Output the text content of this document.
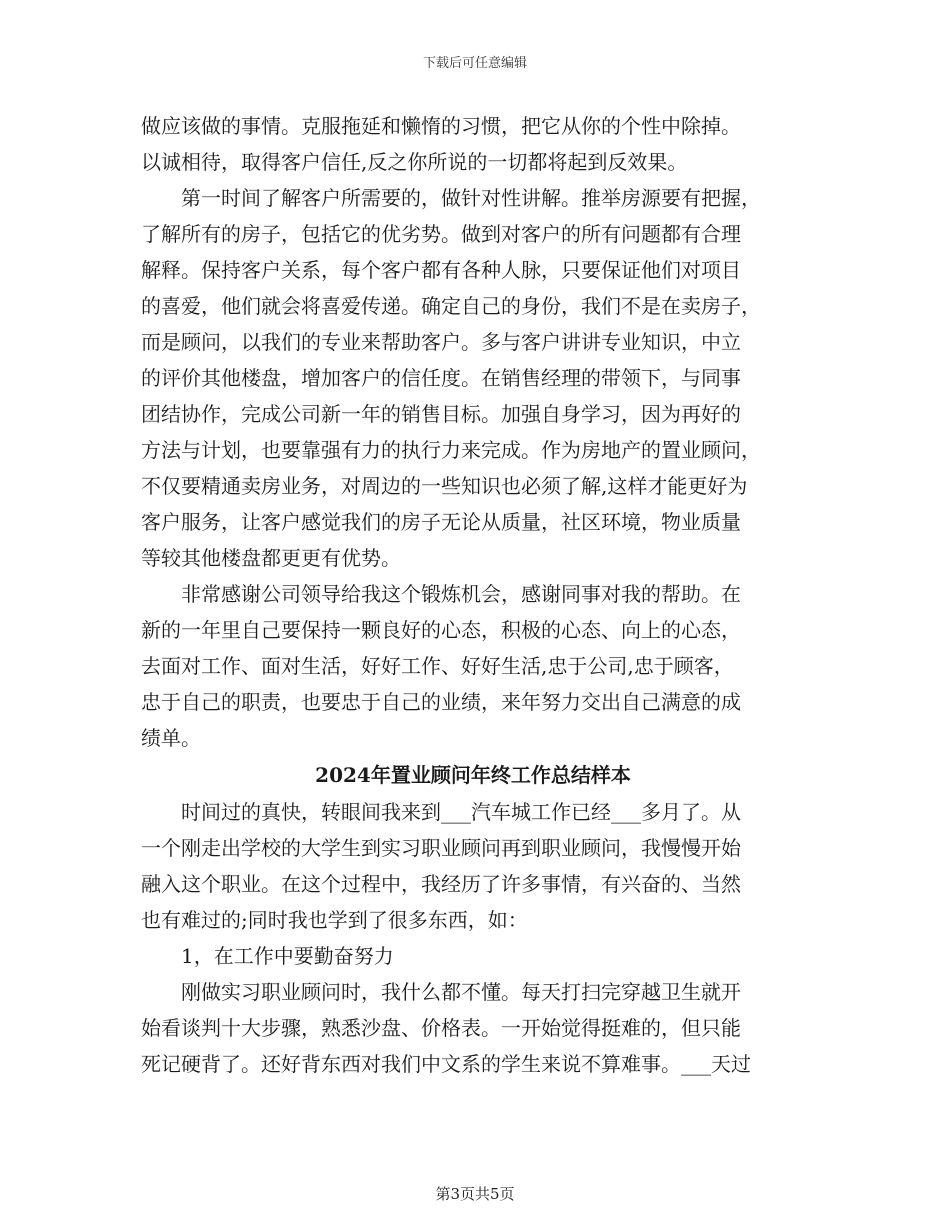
下载后可任意编辑
做应该做的事情。克服拖延和懒惰的习惯，把它从你的个性中除掉。
以诚相待，取得客户信任,反之你所说的一切都将起到反效果。
　　第一时间了解客户所需要的，做针对性讲解。推举房源要有把握，
了解所有的房子，包括它的优劣势。做到对客户的所有问题都有合理
解释。保持客户关系，每个客户都有各种人脉，只要保证他们对项目
的喜爱，他们就会将喜爱传递。确定自己的身份，我们不是在卖房子，
而是顾问，以我们的专业来帮助客户。多与客户讲讲专业知识，中立
的评价其他楼盘，增加客户的信任度。在销售经理的带领下，与同事
团结协作，完成公司新一年的销售目标。加强自身学习，因为再好的
方法与计划，也要靠强有力的执行力来完成。作为房地产的置业顾问，
不仅要精通卖房业务，对周边的一些知识也必须了解,这样才能更好为
客户服务，让客户感觉我们的房子无论从质量，社区环境，物业质量
等较其他楼盘都更更有优势。
　　非常感谢公司领导给我这个锻炼机会，感谢同事对我的帮助。在
新的一年里自己要保持一颗良好的心态，积极的心态、向上的心态，
去面对工作、面对生活，好好工作、好好生活,忠于公司,忠于顾客，
忠于自己的职责，也要忠于自己的业绩，来年努力交出自己满意的成
绩单。
2024年置业顾问年终工作总结样本
　　时间过的真快，转眼间我来到___汽车城工作已经___多月了。从
一个刚走出学校的大学生到实习职业顾问再到职业顾问，我慢慢开始
融入这个职业。在这个过程中，我经历了许多事情，有兴奋的、当然
也有难过的;同时我也学到了很多东西，如：
　　1，在工作中要勤奋努力
　　刚做实习职业顾问时，我什么都不懂。每天打扫完穿越卫生就开
始看谈判十大步骤，熟悉沙盘、价格表。一开始觉得挺难的，但只能
死记硬背了。还好背东西对我们中文系的学生来说不算难事。___天过
第3页共5页
